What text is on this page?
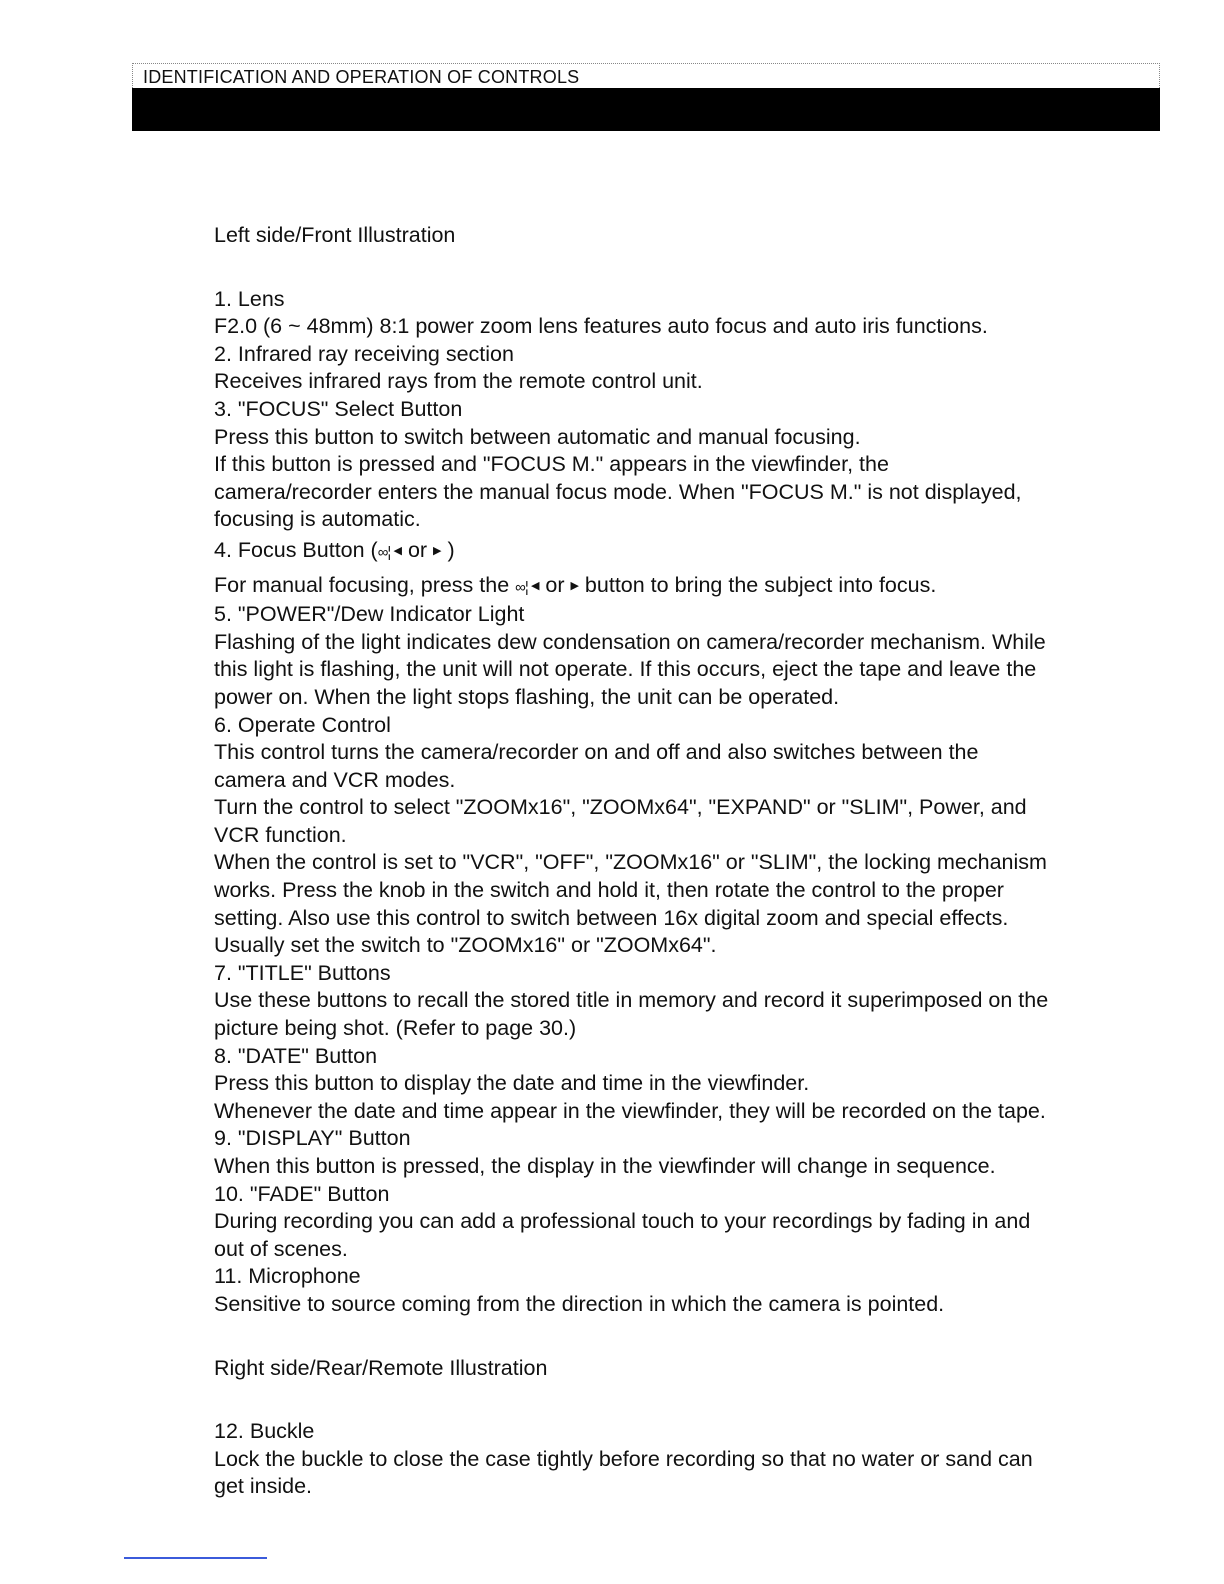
IDENTIFICATION AND OPERATION OF CONTROLS

Left side/Front Illustration

1. Lens

F2.0 (6 ~ 48mm) 8:1 power zoom lens features auto focus and auto iris functions.

2. Infrared ray receiving section

Receives infrared rays from the remote control unit.

3. "FOCUS" Select Button

Press this button to switch between automatic and manual focusing.

If this button is pressed and "FOCUS M." appears in the viewfinder, the

camera/recorder enters the manual focus mode. When "FOCUS M." is not displayed,

focusing is automatic.

4. Focus Button (∞¦ ◀ or ▶ )

For manual focusing, press the ∞¦ ◀ or ▶ button to bring the subject into focus.

5. "POWER"/Dew Indicator Light

Flashing of the light indicates dew condensation on camera/recorder mechanism. While

this light is flashing, the unit will not operate. If this occurs, eject the tape and leave the

power on. When the light stops flashing, the unit can be operated.

6. Operate Control

This control turns the camera/recorder on and off and also switches between the

camera and VCR modes.

Turn the control to select "ZOOMx16", "ZOOMx64", "EXPAND" or "SLIM", Power, and

VCR function.

When the control is set to "VCR", "OFF", "ZOOMx16" or "SLIM", the locking mechanism

works. Press the knob in the switch and hold it, then rotate the control to the proper

setting. Also use this control to switch between 16x digital zoom and special effects.

Usually set the switch to "ZOOMx16" or "ZOOMx64".

7. "TITLE" Buttons

Use these buttons to recall the stored title in memory and record it superimposed on the

picture being shot. (Refer to page 30.)

8. "DATE" Button

Press this button to display the date and time in the viewfinder.

Whenever the date and time appear in the viewfinder, they will be recorded on the tape.

9. "DISPLAY" Button

When this button is pressed, the display in the viewfinder will change in sequence.

10. "FADE" Button

During recording you can add a professional touch to your recordings by fading in and

out of scenes.

11. Microphone

Sensitive to source coming from the direction in which the camera is pointed.

Right side/Rear/Remote Illustration

12. Buckle

Lock the buckle to close the case tightly before recording so that no water or sand can

get inside.
